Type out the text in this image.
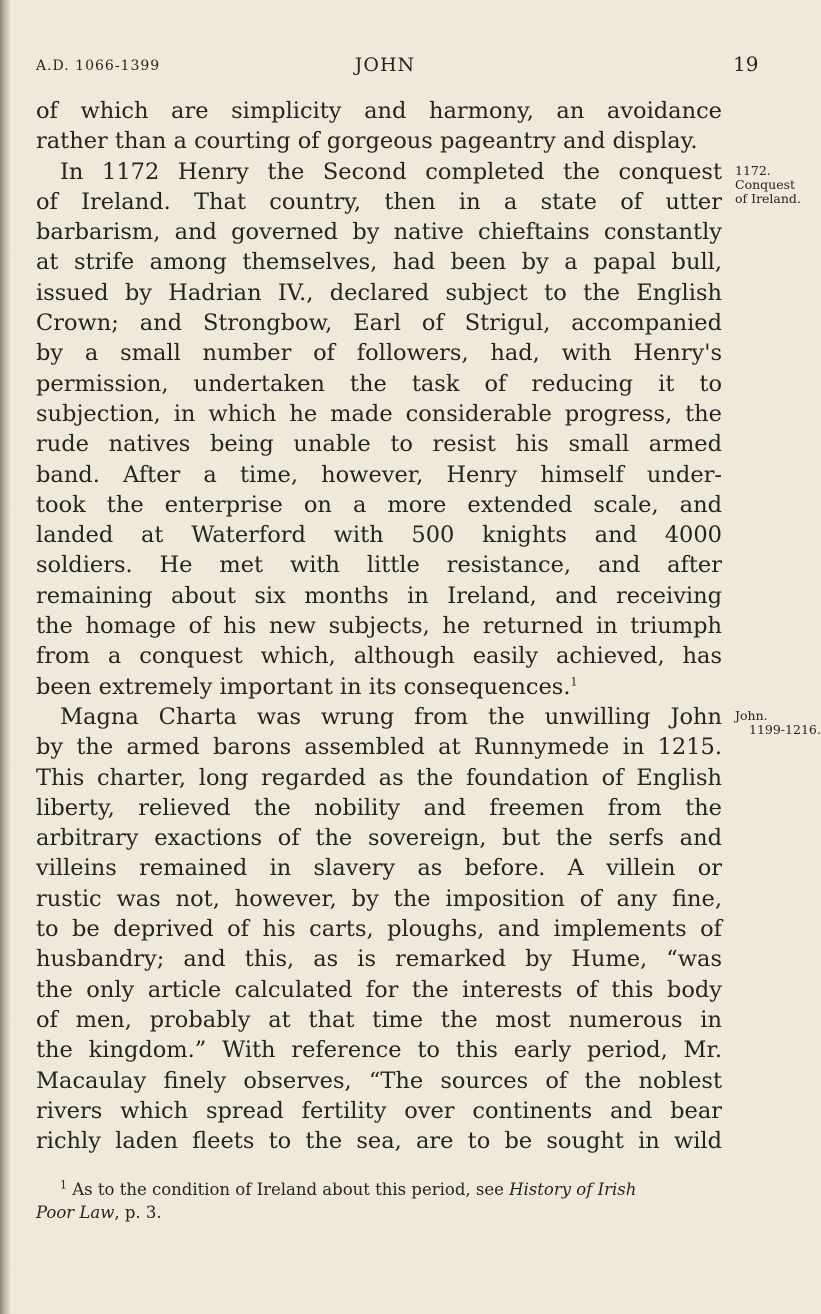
A.D. 1066-1399	JOHN	19
of which are simplicity and harmony, an avoidance
rather than a courting of gorgeous pageantry and display.
In 1172 Henry the Second completed the conquest
of Ireland. That country, then in a state of utter
barbarism, and governed by native chieftains constantly
at strife among themselves, had been by a papal bull,
issued by Hadrian IV., declared subject to the English
Crown; and Strongbow, Earl of Strigul, accompanied
by a small number of followers, had, with Henry's
permission, undertaken the task of reducing it to
subjection, in which he made considerable progress, the
rude natives being unable to resist his small armed
band. After a time, however, Henry himself under-
took the enterprise on a more extended scale, and
landed at Waterford with 500 knights and 4000
soldiers. He met with little resistance, and after
remaining about six months in Ireland, and receiving
the homage of his new subjects, he returned in triumph
from a conquest which, although easily achieved, has
been extremely important in its consequences.$^1$
Magna Charta was wrung from the unwilling John
by the armed barons assembled at Runnymede in 1215.
This charter, long regarded as the foundation of English
liberty, relieved the nobility and freemen from the
arbitrary exactions of the sovereign, but the serfs and
villeins remained in slavery as before. A villein or
rustic was not, however, by the imposition of any fine,
to be deprived of his carts, ploughs, and implements of
husbandry; and this, as is remarked by Hume, “was
the only article calculated for the interests of this body
of men, probably at that time the most numerous in
the kingdom.” With reference to this early period, Mr.
Macaulay finely observes, “The sources of the noblest
rivers which spread fertility over continents and bear
richly laden fleets to the sea, are to be sought in wild
1172.
Conquest of Ireland.
John.
1199-1216.
$^1$ As to the condition of Ireland about this period, see History of Irish
Poor Law, p. 3.
